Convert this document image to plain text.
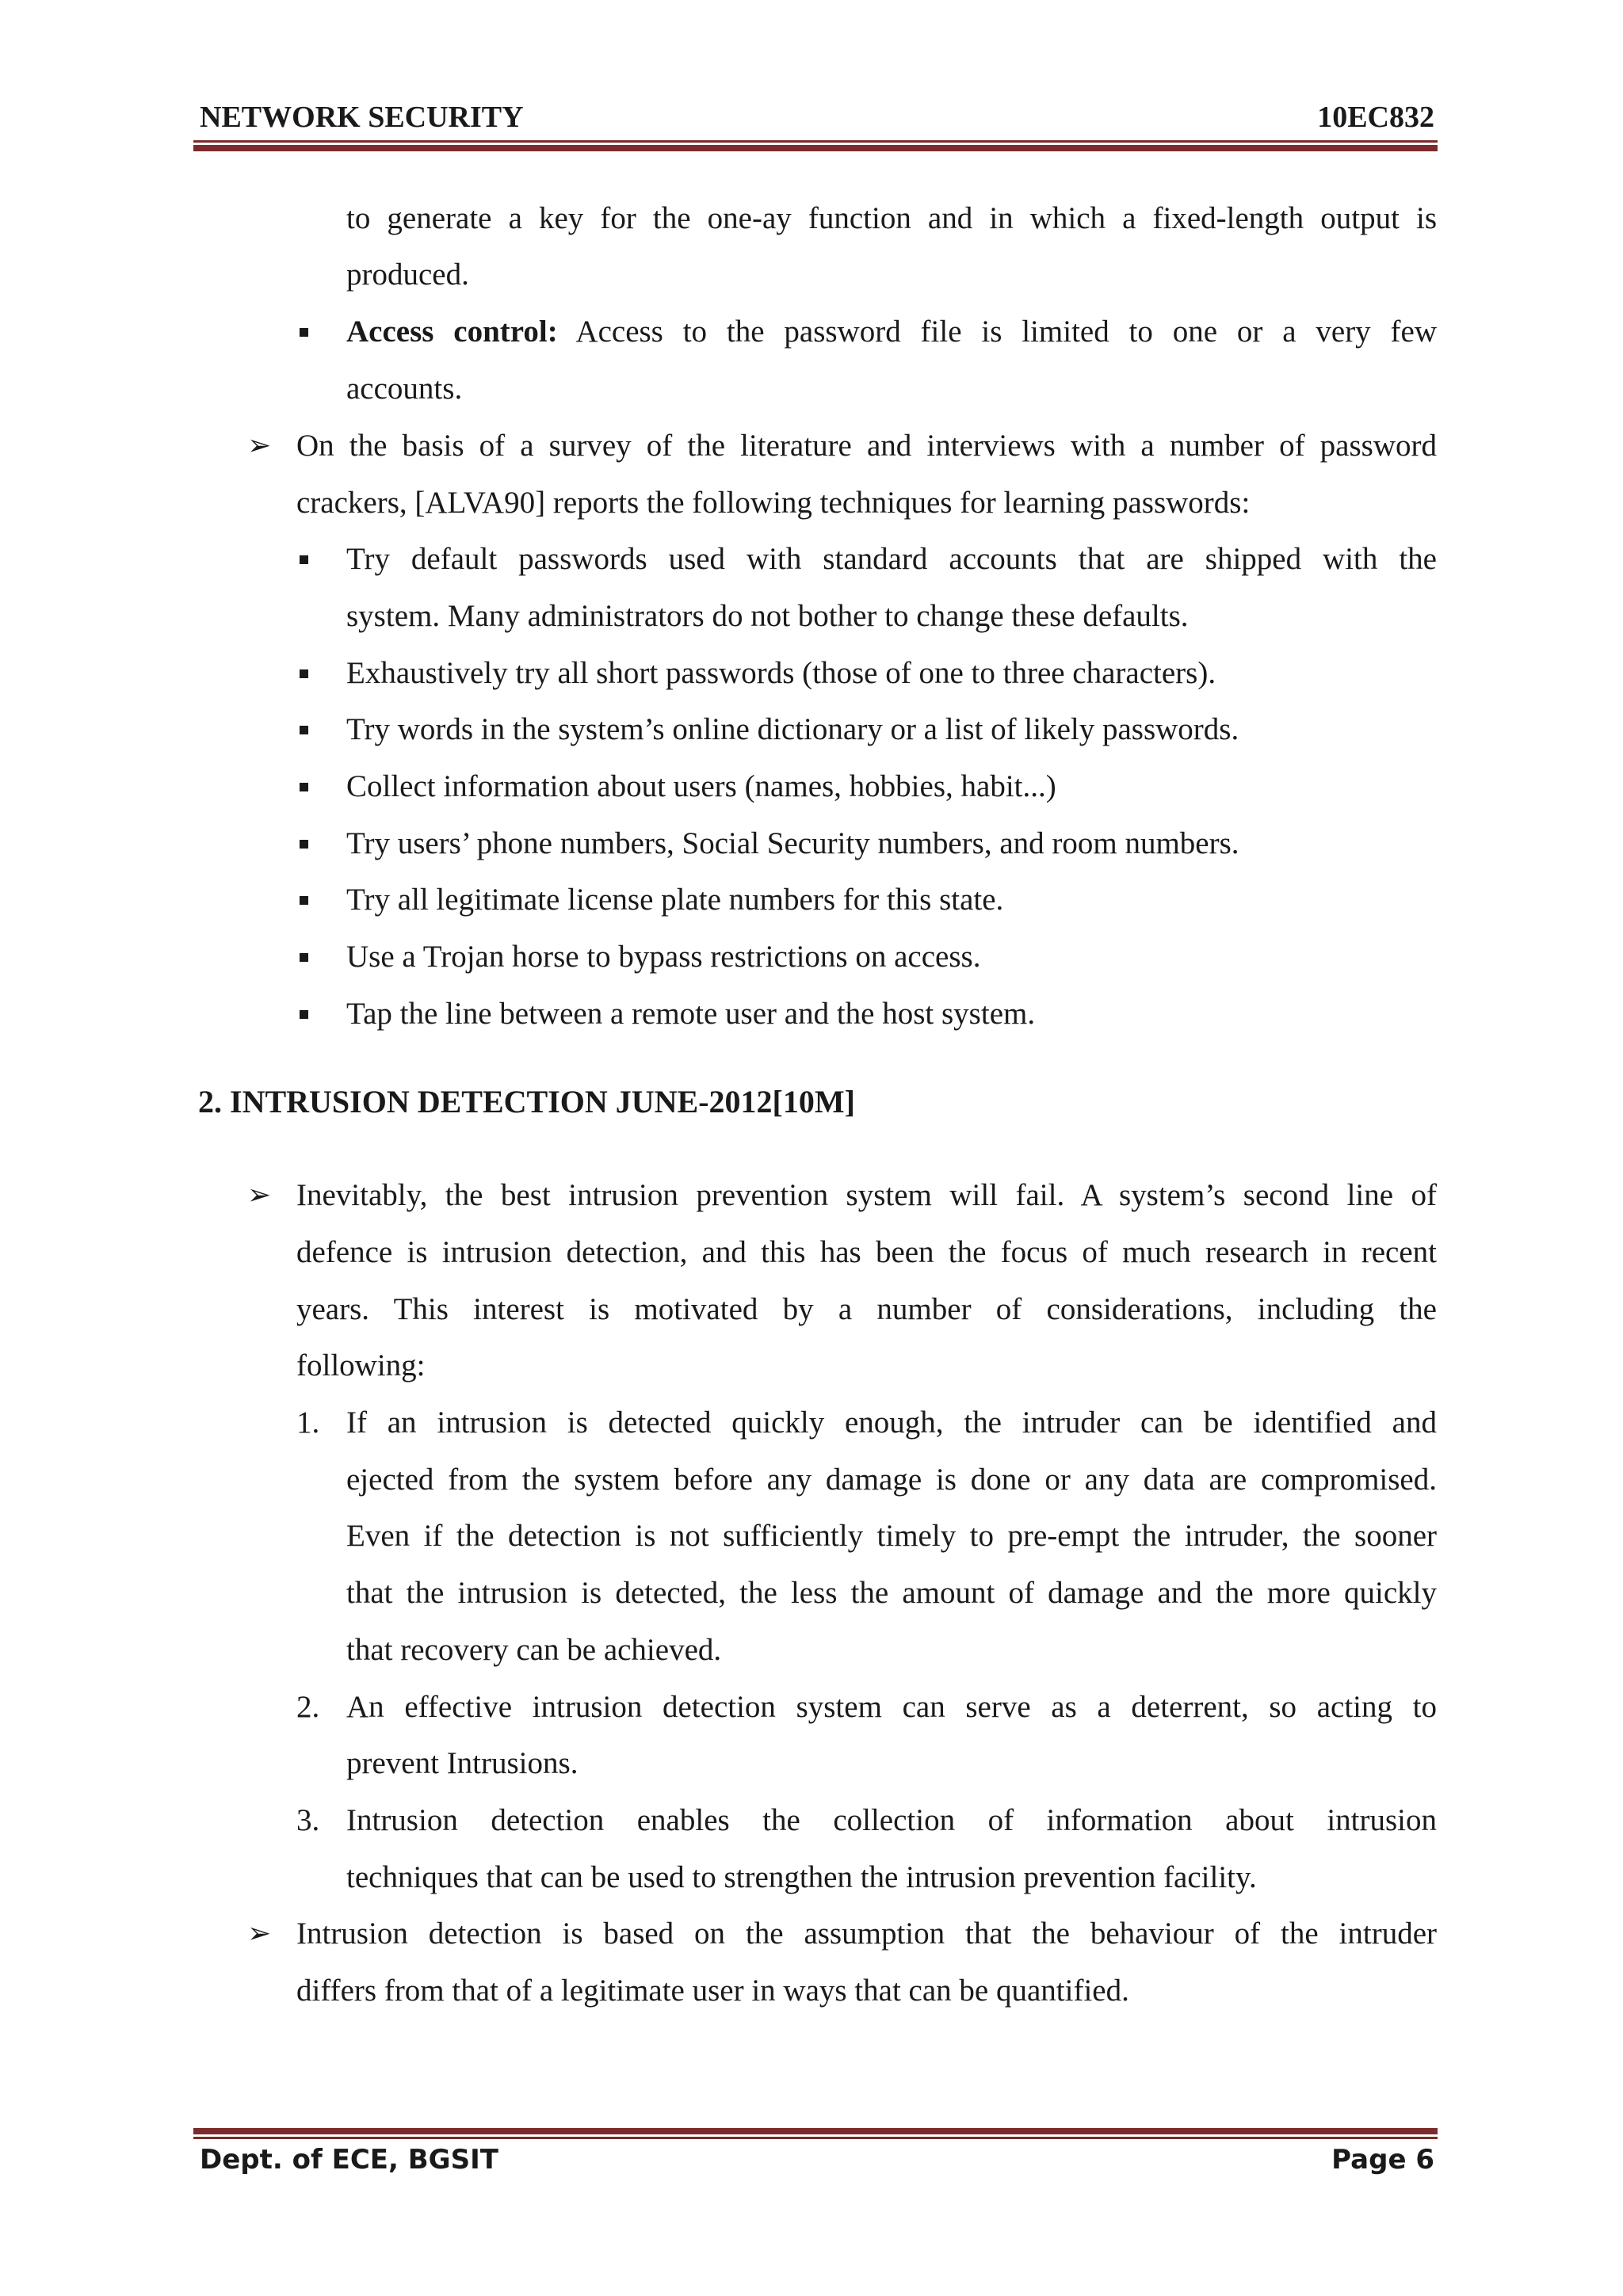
NETWORK SECURITY	10EC832
to generate a key for the one-ay function and in which a fixed-length output is
produced.
Access control: Access to the password file is limited to one or a very few
accounts.
➢ On the basis of a survey of the literature and interviews with a number of password
crackers, [ALVA90] reports the following techniques for learning passwords:
Try default passwords used with standard accounts that are shipped with the
system. Many administrators do not bother to change these defaults.
Exhaustively try all short passwords (those of one to three characters).
Try words in the system’s online dictionary or a list of likely passwords.
Collect information about users (names, hobbies, habit...)
Try users’ phone numbers, Social Security numbers, and room numbers.
Try all legitimate license plate numbers for this state.
Use a Trojan horse to bypass restrictions on access.
Tap the line between a remote user and the host system.
2. INTRUSION DETECTION JUNE-2012[10M]
➢ Inevitably, the best intrusion prevention system will fail. A system’s second line of
defence is intrusion detection, and this has been the focus of much research in recent
years. This interest is motivated by a number of considerations, including the
following:
1. If an intrusion is detected quickly enough, the intruder can be identified and
ejected from the system before any damage is done or any data are compromised.
Even if the detection is not sufficiently timely to pre-empt the intruder, the sooner
that the intrusion is detected, the less the amount of damage and the more quickly
that recovery can be achieved.
2. An effective intrusion detection system can serve as a deterrent, so acting to
prevent Intrusions.
3. Intrusion detection enables the collection of information about intrusion
techniques that can be used to strengthen the intrusion prevention facility.
➢ Intrusion detection is based on the assumption that the behaviour of the intruder
differs from that of a legitimate user in ways that can be quantified.
Dept. of ECE, BGSIT	Page 6
